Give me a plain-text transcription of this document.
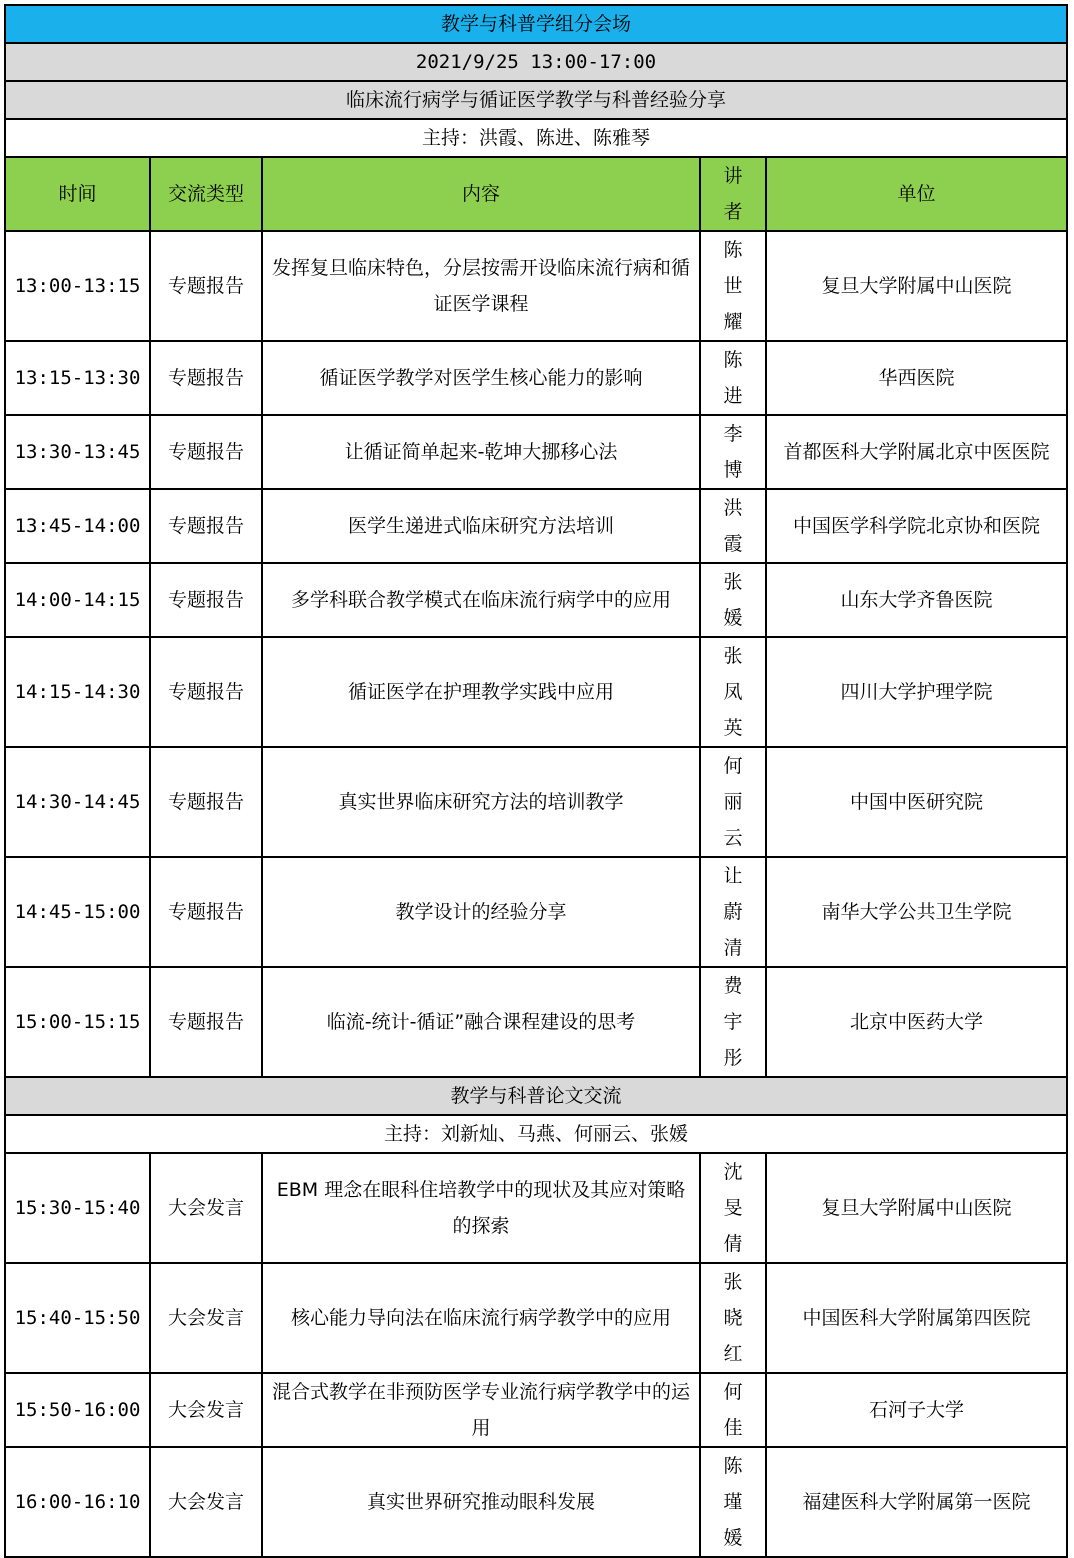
教学与科普学组分会场				
2021/9/25 13:00-17:00				
临床流行病学与循证医学教学与科普经验分享				
主持：洪霞、陈进、陈雅琴				
时间	交流类型	内容	讲者	单位
13:00-13:15	专题报告	发挥复旦临床特色，分层按需开设临床流行病和循证医学课程	陈世耀	复旦大学附属中山医院
13:15-13:30	专题报告	循证医学教学对医学生核心能力的影响	陈进	华西医院
13:30-13:45	专题报告	让循证简单起来-乾坤大挪移心法	李博	首都医科大学附属北京中医医院
13:45-14:00	专题报告	医学生递进式临床研究方法培训	洪霞	中国医学科学院北京协和医院
14:00-14:15	专题报告	多学科联合教学模式在临床流行病学中的应用	张媛	山东大学齐鲁医院
14:15-14:30	专题报告	循证医学在护理教学实践中应用	张凤英	四川大学护理学院
14:30-14:45	专题报告	真实世界临床研究方法的培训教学	何丽云	中国中医研究院
14:45-15:00	专题报告	教学设计的经验分享	让蔚清	南华大学公共卫生学院
15:00-15:15	专题报告	临流-统计-循证”融合课程建设的思考	费宇彤	北京中医药大学
教学与科普论文交流				
主持：刘新灿、马燕、何丽云、张媛				
15:30-15:40	大会发言	EBM 理念在眼科住培教学中的现状及其应对策略的探索	沈旻倩	复旦大学附属中山医院
15:40-15:50	大会发言	核心能力导向法在临床流行病学教学中的应用	张晓红	中国医科大学附属第四医院
15:50-16:00	大会发言	混合式教学在非预防医学专业流行病学教学中的运用	何佳	石河子大学
16:00-16:10	大会发言	真实世界研究推动眼科发展	陈瑾媛	福建医科大学附属第一医院
